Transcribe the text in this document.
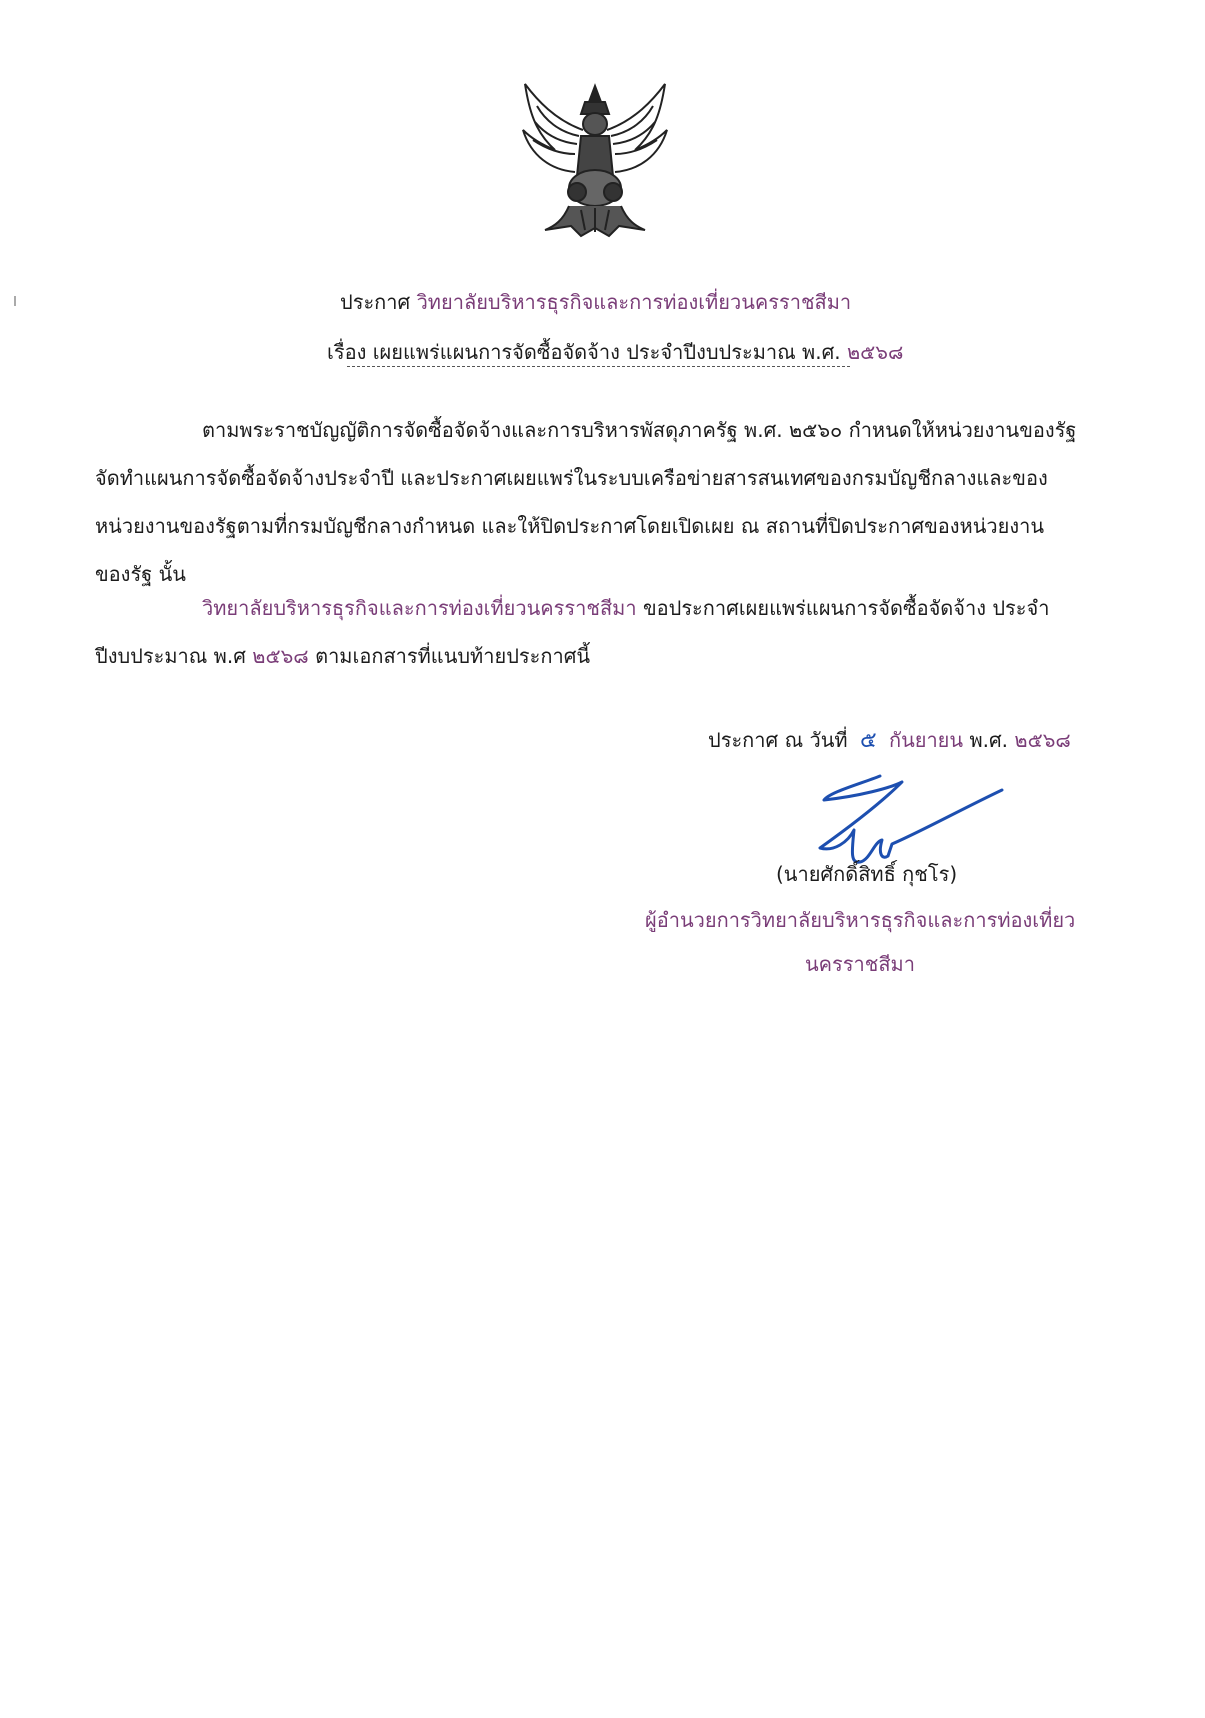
ประกาศ วิทยาลัยบริหารธุรกิจและการท่องเที่ยวนครราชสีมา
เรื่อง เผยแพร่แผนการจัดซื้อจัดจ้าง ประจำปีงบประมาณ พ.ศ. ๒๕๖๘
ตามพระราชบัญญัติการจัดซื้อจัดจ้างและการบริหารพัสดุภาครัฐ พ.ศ. ๒๕๖๐ กำหนดให้หน่วยงานของรัฐ
จัดทำแผนการจัดซื้อจัดจ้างประจำปี และประกาศเผยแพร่ในระบบเครือข่ายสารสนเทศของกรมบัญชีกลางและของ
หน่วยงานของรัฐตามที่กรมบัญชีกลางกำหนด และให้ปิดประกาศโดยเปิดเผย ณ สถานที่ปิดประกาศของหน่วยงาน
ของรัฐ นั้น
วิทยาลัยบริหารธุรกิจและการท่องเที่ยวนครราชสีมา ขอประกาศเผยแพร่แผนการจัดซื้อจัดจ้าง ประจำ
ปีงบประมาณ พ.ศ ๒๕๖๘ ตามเอกสารที่แนบท้ายประกาศนี้
ประกาศ ณ วันที่ ๕ กันยายน พ.ศ. ๒๕๖๘
(นายศักดิ์สิทธิ์ กุชโร)
ผู้อำนวยการวิทยาลัยบริหารธุรกิจและการท่องเที่ยว
นครราชสีมา
